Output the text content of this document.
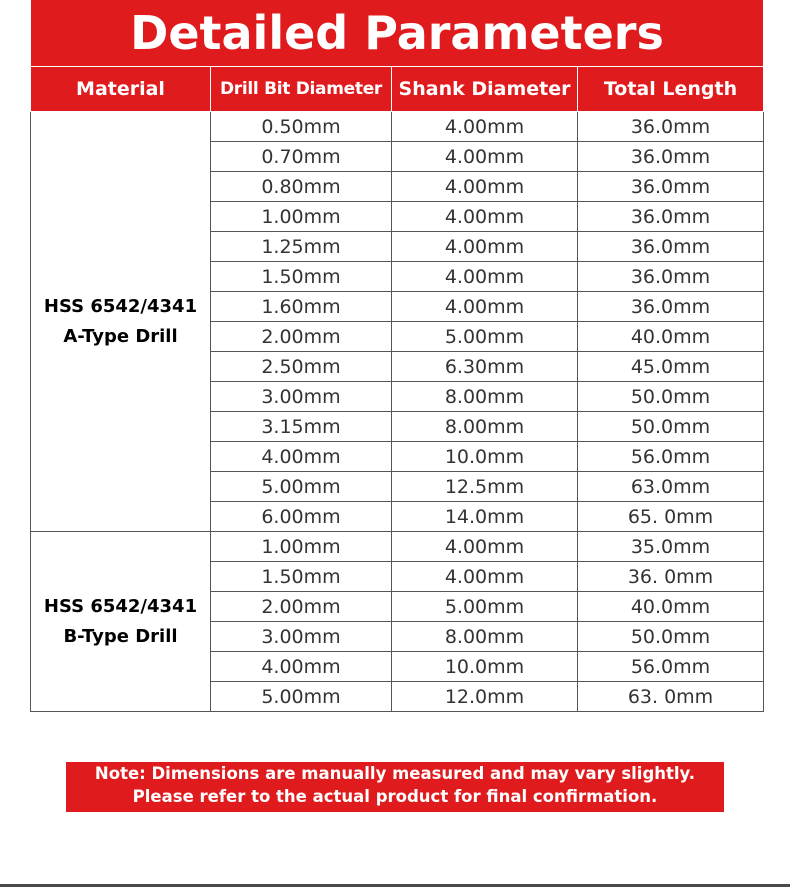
Detailed Parameters
Material	Drill Bit Diameter	Shank Diameter	Total Length
HSS 6542/4341
A-Type Drill	0.50mm	4.00mm	36.0mm
	0.70mm	4.00mm	36.0mm
	0.80mm	4.00mm	36.0mm
	1.00mm	4.00mm	36.0mm
	1.25mm	4.00mm	36.0mm
	1.50mm	4.00mm	36.0mm
	1.60mm	4.00mm	36.0mm
	2.00mm	5.00mm	40.0mm
	2.50mm	6.30mm	45.0mm
	3.00mm	8.00mm	50.0mm
	3.15mm	8.00mm	50.0mm
	4.00mm	10.0mm	56.0mm
	5.00mm	12.5mm	63.0mm
	6.00mm	14.0mm	65. 0mm
HSS 6542/4341
B-Type Drill	1.00mm	4.00mm	35.0mm
	1.50mm	4.00mm	36. 0mm
	2.00mm	5.00mm	40.0mm
	3.00mm	8.00mm	50.0mm
	4.00mm	10.0mm	56.0mm
	5.00mm	12.0mm	63. 0mm
Note: Dimensions are manually measured and may vary slightly.
Please refer to the actual product for final confirmation.
